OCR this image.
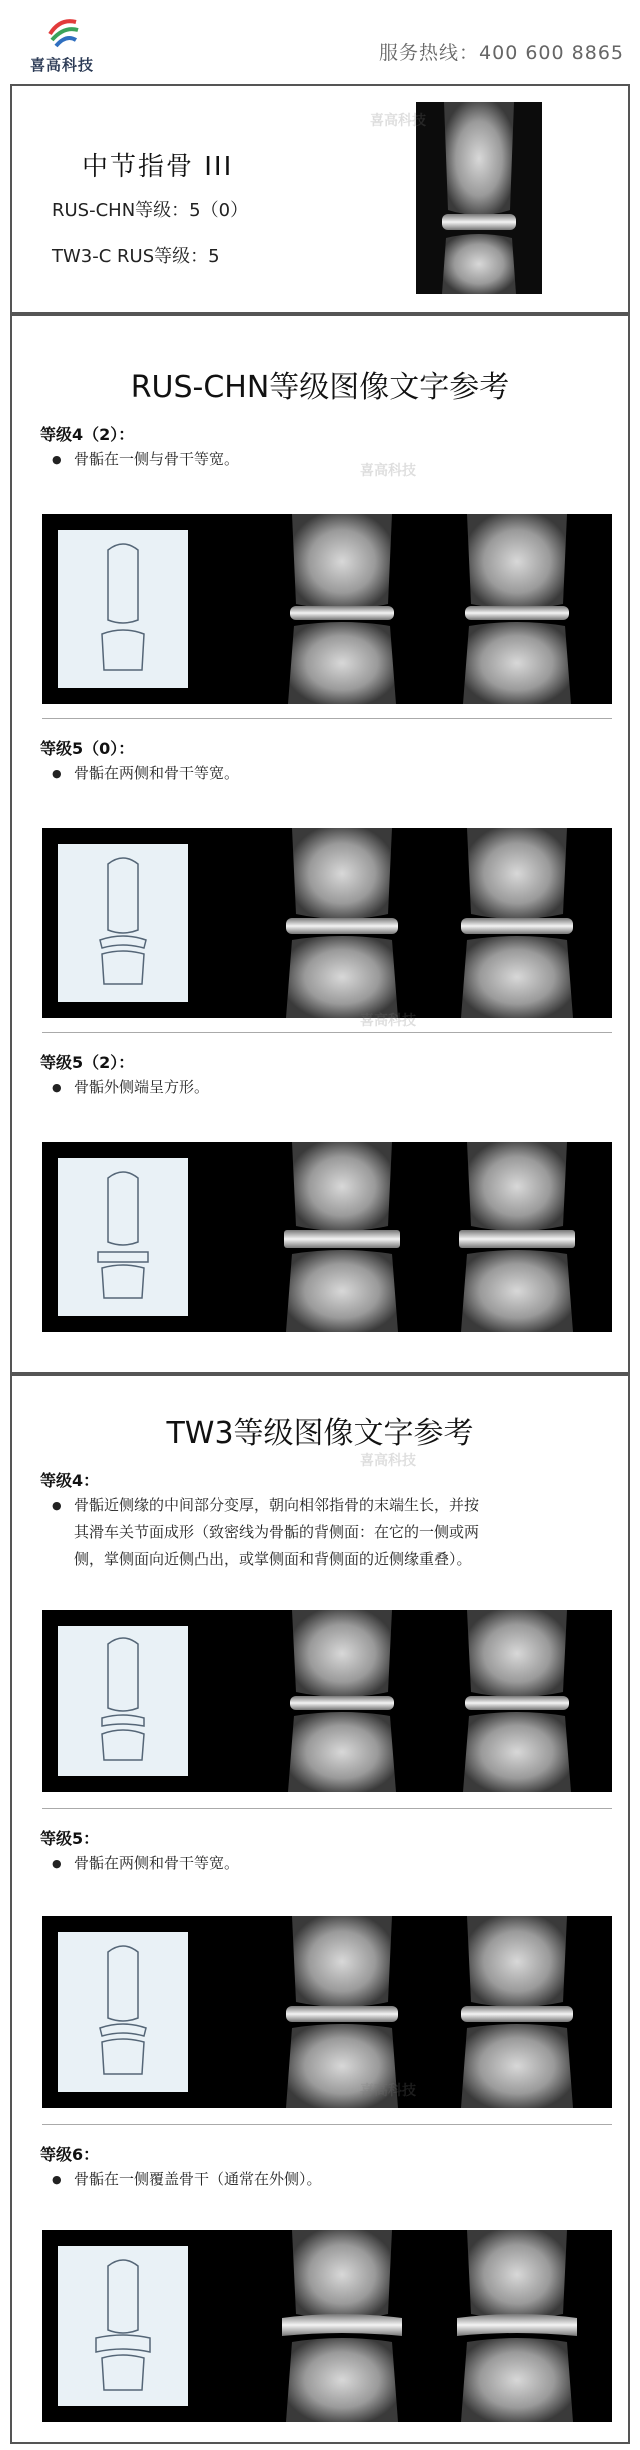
喜高科技
服务热线：400 600 8865
中节指骨 III
RUS-CHN等级：5（0）
TW3-C RUS等级：5
RUS-CHN等级图像文字参考
等级4（2）：
● 骨骺在一侧与骨干等宽。
等级5（0）：
● 骨骺在两侧和骨干等宽。
等级5（2）：
● 骨骺外侧端呈方形。
TW3等级图像文字参考
等级4：
● 骨骺近侧缘的中间部分变厚，朝向相邻指骨的末端生长，并按
其滑车关节面成形（致密线为骨骺的背侧面：在它的一侧或两
侧，掌侧面向近侧凸出，或掌侧面和背侧面的近侧缘重叠）。
等级5：
● 骨骺在两侧和骨干等宽。
等级6：
● 骨骺在一侧覆盖骨干（通常在外侧）。
喜高科技
喜高科技
喜高科技
喜高科技
喜高科技
